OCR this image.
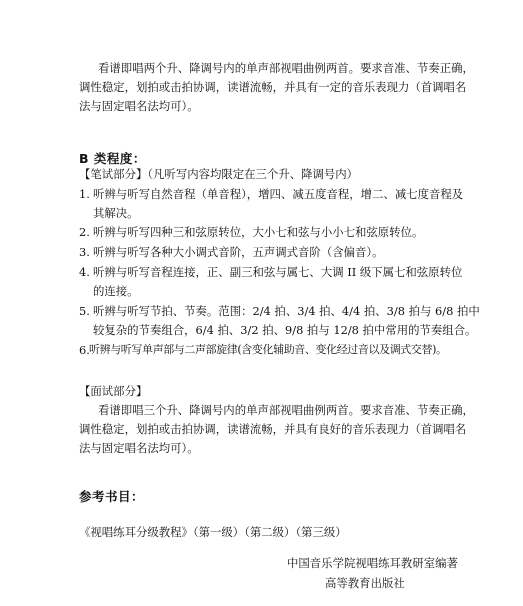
看谱即唱两个升、降调号内的单声部视唱曲例两首。要求音准、节奏正确，
调性稳定，划拍或击拍协调，读谱流畅，并具有一定的音乐表现力（首调唱名
法与固定唱名法均可）。
B 类程度：
【笔试部分】（凡听写内容均限定在三个升、降调号内）
1. 听辨与听写自然音程（单音程），增四、减五度音程，增二、减七度音程及
其解决。
2. 听辨与听写四种三和弦原转位，大小七和弦与小小七和弦原转位。
3. 听辨与听写各种大小调式音阶，五声调式音阶（含偏音）。
4. 听辨与听写音程连接，正、副三和弦与属七、大调 II 级下属七和弦原转位
的连接。
5. 听辨与听写节拍、节奏。范围：2/4 拍、3/4 拍、4/4 拍、3/8 拍与 6/8 拍中
较复杂的节奏组合，6/4 拍、3/2 拍、9/8 拍与 12/8 拍中常用的节奏组合。
6. 听辨与听写单声部与二声部旋律(含变化辅助音、变化经过音以及调式交替)。
【面试部分】
看谱即唱三个升、降调号内的单声部视唱曲例两首。要求音准、节奏正确，
调性稳定，划拍或击拍协调，读谱流畅，并具有良好的音乐表现力（首调唱名
法与固定唱名法均可）。
参考书目：
《视唱练耳分级教程》（第一级）（第二级）（第三级）
中国音乐学院视唱练耳教研室编著
高等教育出版社
